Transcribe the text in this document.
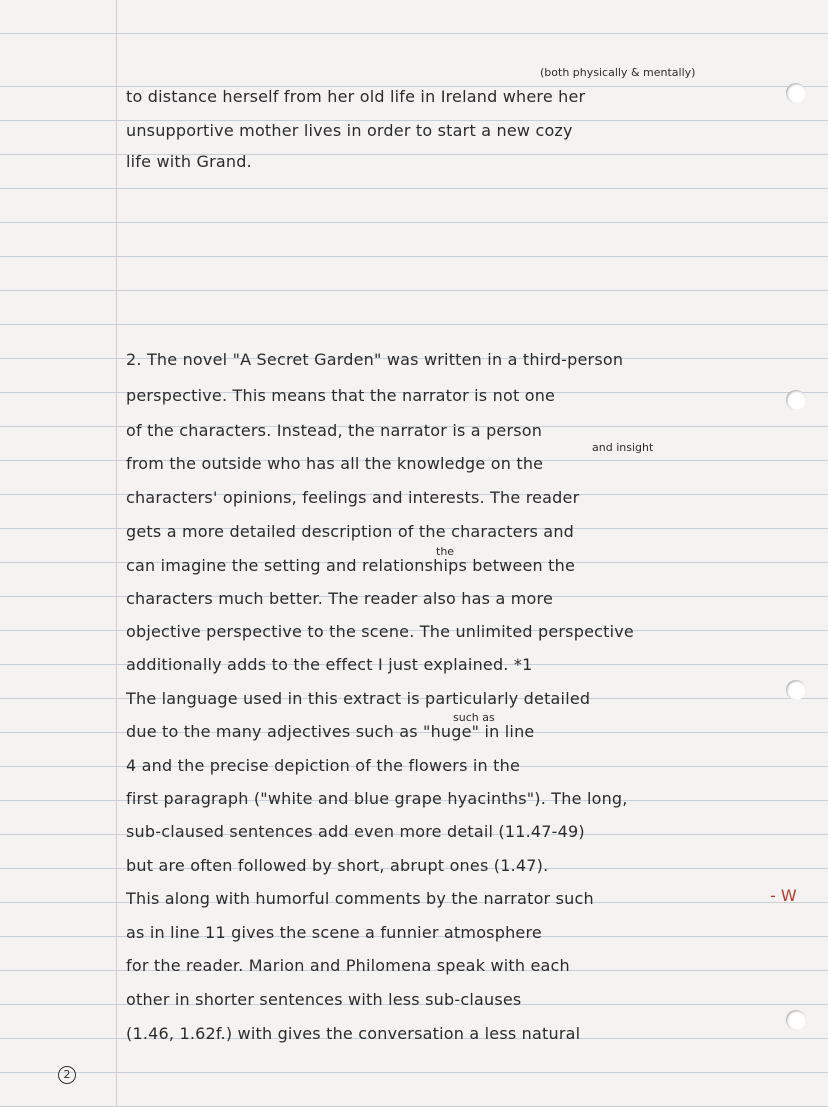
(both physically & mentally)
and insight
the
such as
to distance herself from her old life in Ireland where her
unsupportive mother lives in order to start a new cozy
life with Grand.
2. The novel "A Secret Garden" was written in a third-person
perspective. This means that the narrator is not one
of the characters. Instead, the narrator is a person
from the outside who has all the knowledge on the
characters' opinions, feelings and interests. The reader
gets a more detailed description of the characters and
can imagine the setting and relationships between the
characters much better. The reader also has a more
objective perspective to the scene. The unlimited perspective
additionally adds to the effect I just explained. *1
The language used in this extract is particularly detailed
due to the many adjectives such as "huge" in line
4 and the precise depiction of the flowers in the
first paragraph ("white and blue grape hyacinths"). The long,
sub-claused sentences add even more detail (11.47-49)
but are often followed by short, abrupt ones (1.47).
This along with humorful comments by the narrator such
as in line 11 gives the scene a funnier atmosphere
for the reader. Marion and Philomena speak with each
other in shorter sentences with less sub-clauses
(1.46, 1.62f.) with gives the conversation a less natural
- W
2
